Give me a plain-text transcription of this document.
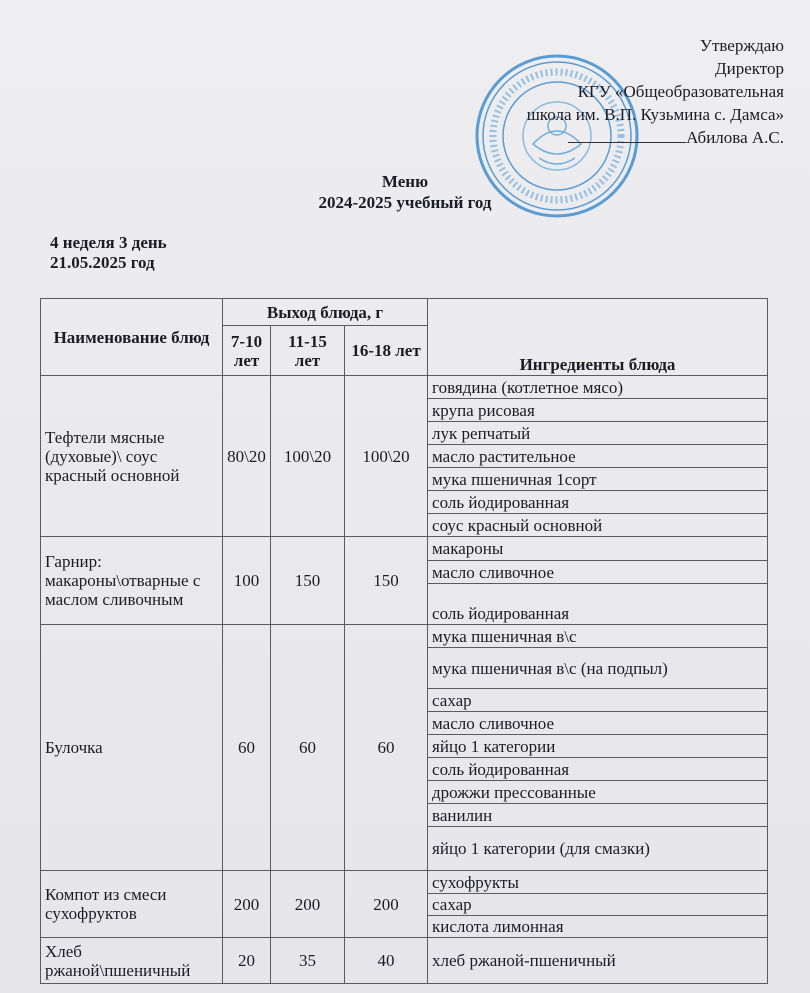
Утверждаю
Директор
КГУ «Общеобразовательная
школа им. В.П. Кузьмина с. Дамса»
Абилова А.С.
Меню
2024-2025 учебный год
4 неделя 3 день
21.05.2025 год
Наименование блюд	Выход блюда, г			Ингредиенты блюда
	7-10 лет	11-15 лет	16-18 лет	
Тефтели мясные (духовые)\ соус красный основной	80\20	100\20	100\20	говядина (котлетное мясо)
				крупа рисовая
				лук репчатый
				масло растительное
				мука пшеничная 1сорт
				соль йодированная
				соус красный основной
Гарнир: макароны\отварные с маслом сливочным	100	150	150	макароны
				масло сливочное
				соль йодированная
Булочка	60	60	60	мука пшеничная в\с
				мука пшеничная в\с (на подпыл)
				сахар
				масло сливочное
				яйцо 1 категории
				соль йодированная
				дрожжи прессованные
				ванилин
				яйцо 1 категории (для смазки)
Компот из смеси сухофруктов	200	200	200	сухофрукты
				сахар
				кислота лимонная
Хлеб ржаной\пшеничный	20	35	40	хлеб ржаной-пшеничный
